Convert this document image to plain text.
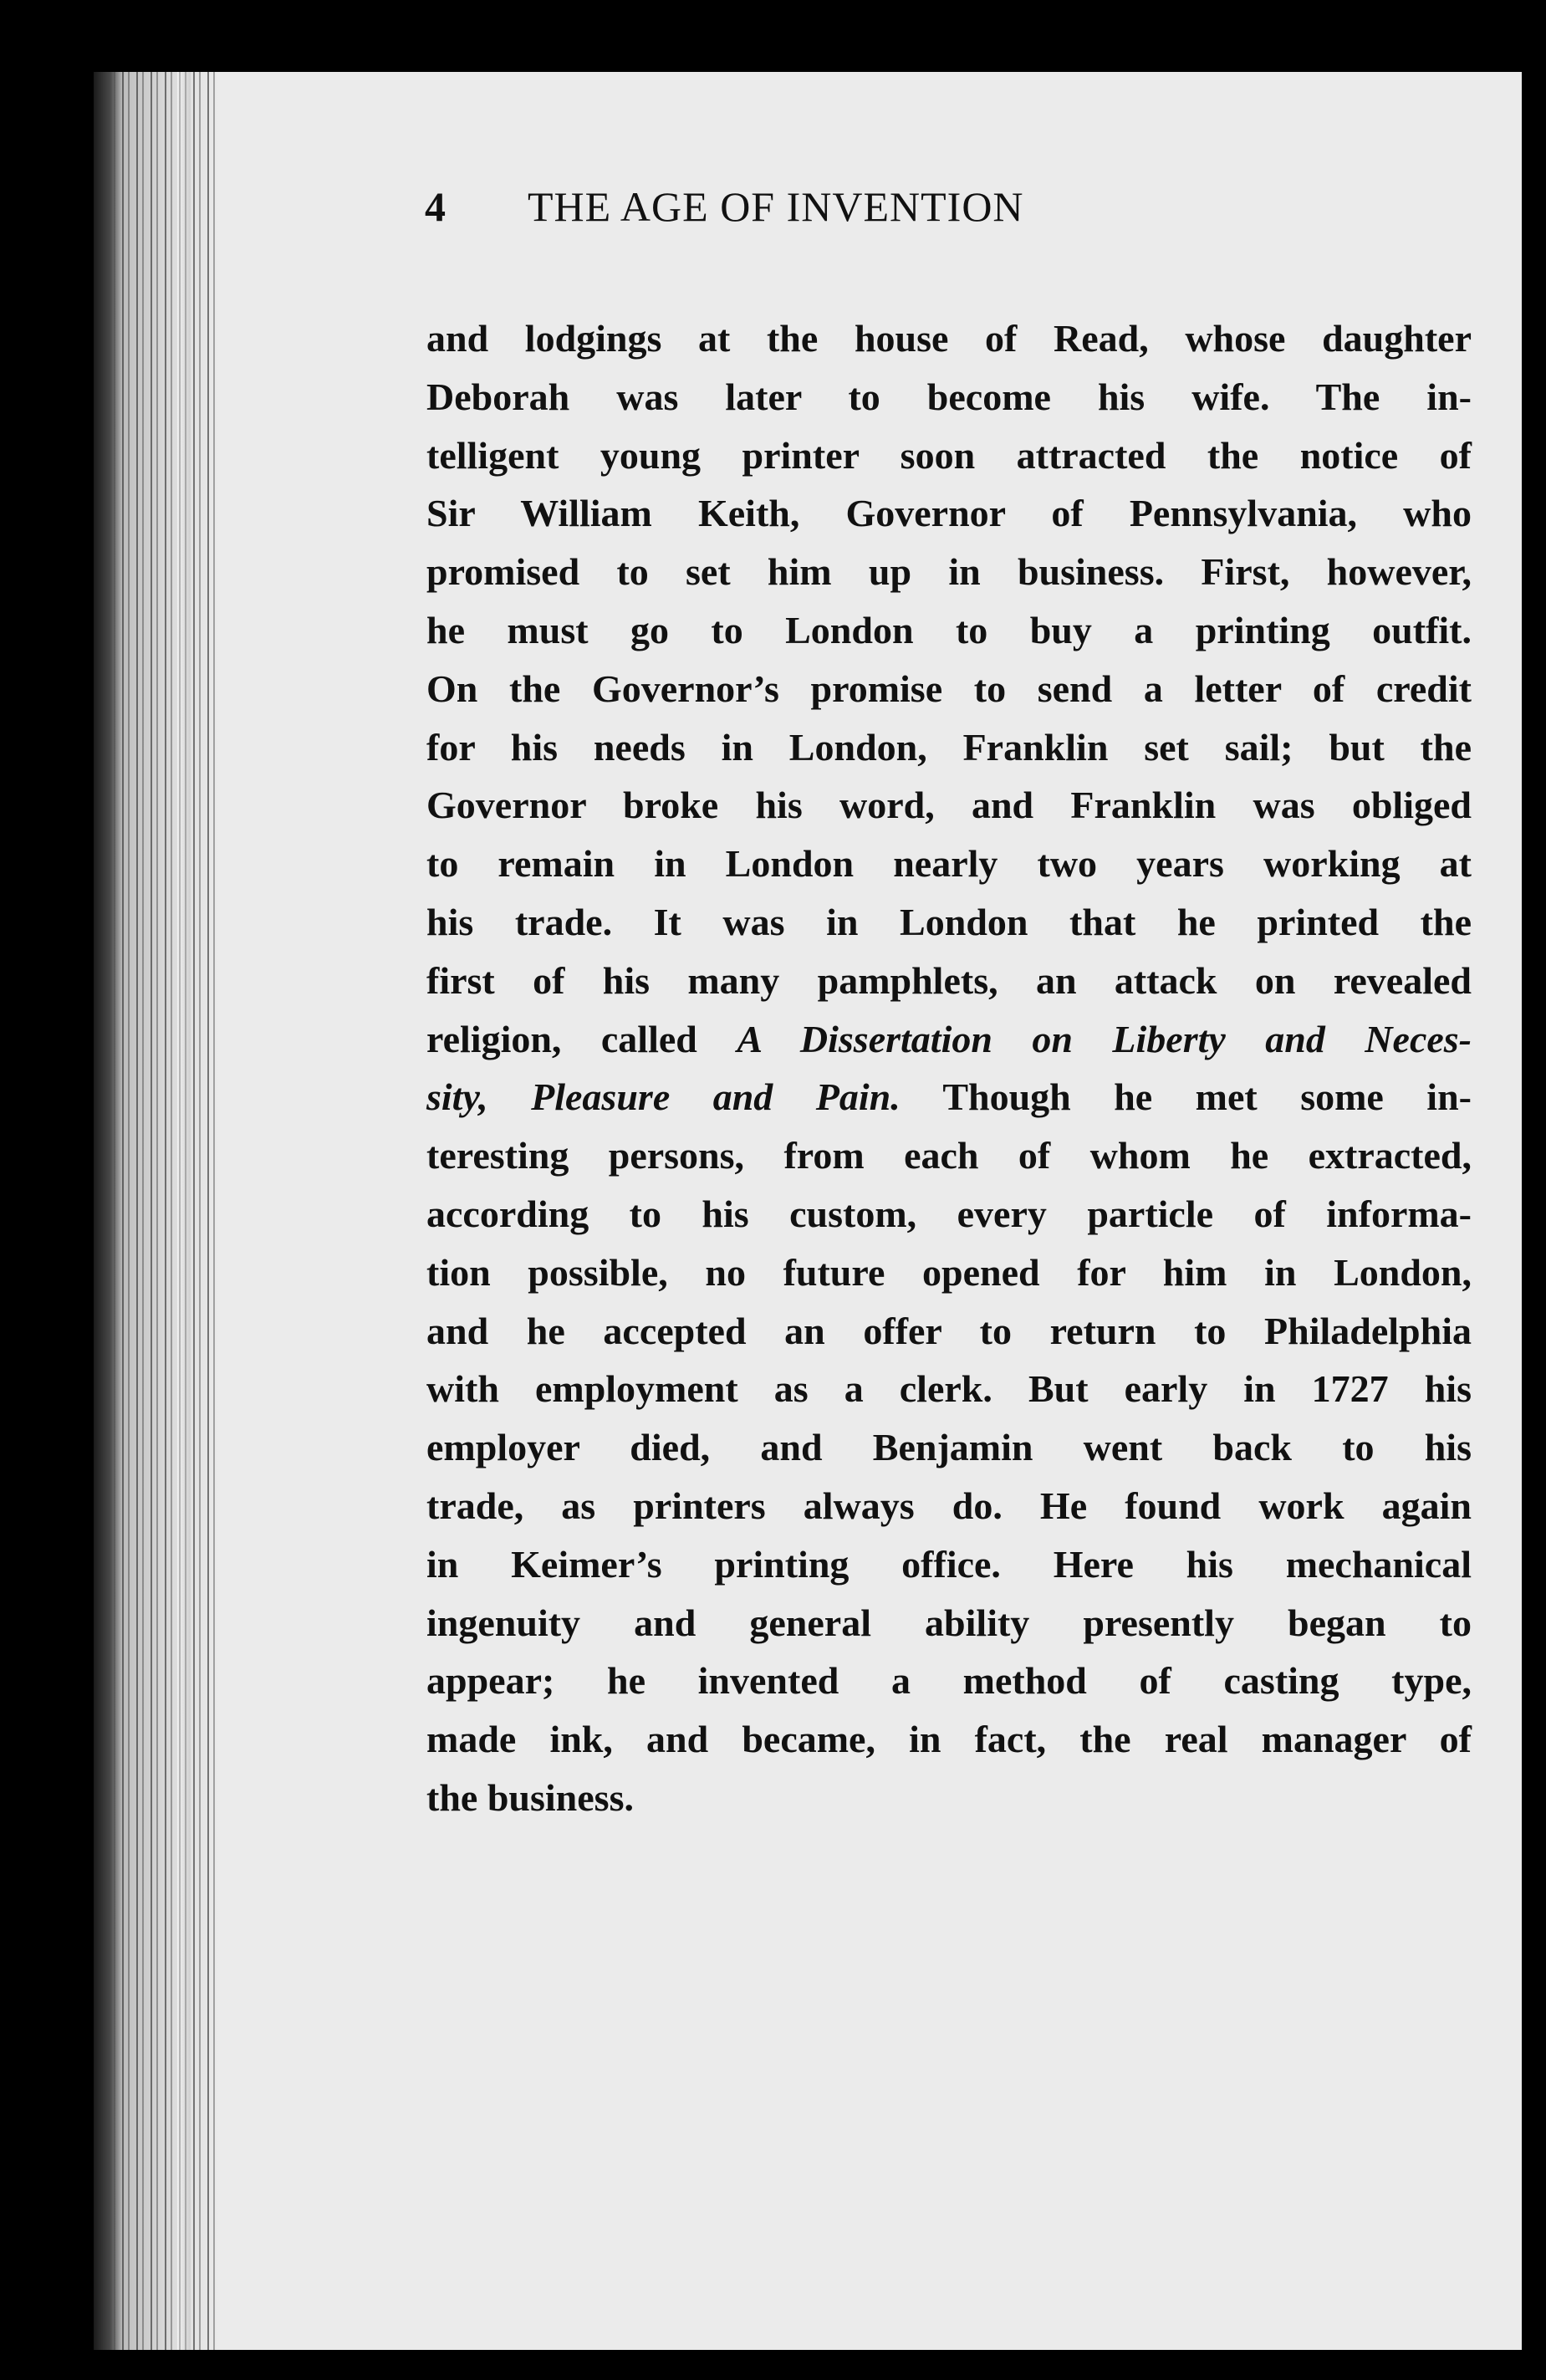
4 THE AGE OF INVENTION
and lodgings at the house of Read, whose daughter
Deborah was later to become his wife. The in-
telligent young printer soon attracted the notice of
Sir William Keith, Governor of Pennsylvania, who
promised to set him up in business. First, however,
he must go to London to buy a printing outfit.
On the Governor’s promise to send a letter of credit
for his needs in London, Franklin set sail; but the
Governor broke his word, and Franklin was obliged
to remain in London nearly two years working at
his trade. It was in London that he printed the
first of his many pamphlets, an attack on revealed
religion, called A Dissertation on Liberty and Neces-
sity, Pleasure and Pain. Though he met some in-
teresting persons, from each of whom he extracted,
according to his custom, every particle of informa-
tion possible, no future opened for him in London,
and he accepted an offer to return to Philadelphia
with employment as a clerk. But early in 1727 his
employer died, and Benjamin went back to his
trade, as printers always do. He found work again
in Keimer’s printing office. Here his mechanical
ingenuity and general ability presently began to
appear; he invented a method of casting type,
made ink, and became, in fact, the real manager of
the business.
